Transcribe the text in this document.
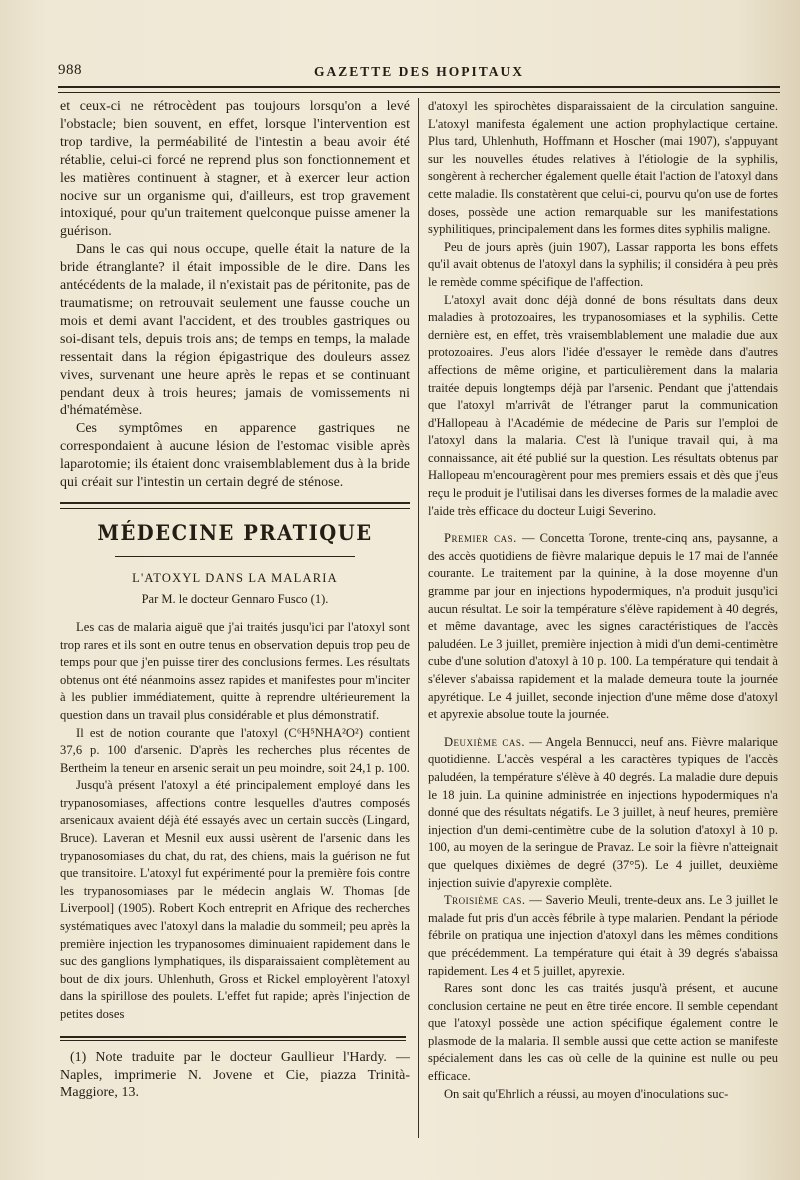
988	GAZETTE DES HOPITAUX

et ceux-ci ne rétrocèdent pas toujours lorsqu'on a levé l'obstacle; bien souvent, en effet, lorsque l'intervention est trop tardive, la perméabilité de l'intestin a beau avoir été rétablie, celui-ci forcé ne reprend plus son fonctionnement et les matières continuent à stagner, et à exercer leur action nocive sur un organisme qui, d'ailleurs, est trop gravement intoxiqué, pour qu'un traitement quelconque puisse amener la guérison.

Dans le cas qui nous occupe, quelle était la nature de la bride étranglante? il était impossible de le dire. Dans les antécédents de la malade, il n'existait pas de péritonite, pas de traumatisme; on retrouvait seulement une fausse couche un mois et demi avant l'accident, et des troubles gastriques ou soi-disant tels, depuis trois ans; de temps en temps, la malade ressentait dans la région épigastrique des douleurs assez vives, survenant une heure après le repas et se continuant pendant deux à trois heures; jamais de vomissements ni d'hématémèse.

Ces symptômes en apparence gastriques ne correspondaient à aucune lésion de l'estomac visible après laparotomie; ils étaient donc vraisemblablement dus à la bride qui créait sur l'intestin un certain degré de sténose.

MÉDECINE PRATIQUE
L'ATOXYL DANS LA MALARIA
Par M. le docteur Gennaro Fusco (1).

Les cas de malaria aiguë que j'ai traités jusqu'ici par l'atoxyl sont trop rares et ils sont en outre tenus en observation depuis trop peu de temps pour que j'en puisse tirer des conclusions fermes. Les résultats obtenus ont été néanmoins assez rapides et manifestes pour m'inciter à les publier immédiatement, quitte à reprendre ultérieurement la question dans un travail plus considérable et plus démonstratif.

Il est de notion courante que l'atoxyl (C⁶H⁵NHA²O²) contient 37,6 p. 100 d'arsenic. D'après les recherches plus récentes de Bertheim la teneur en arsenic serait un peu moindre, soit 24,1 p. 100.

Jusqu'à présent l'atoxyl a été principalement employé dans les trypanosomiases, affections contre lesquelles d'autres composés arsenicaux avaient déjà été essayés avec un certain succès (Lingard, Bruce). Laveran et Mesnil eux aussi usèrent de l'arsenic dans les trypanosomiases du chat, du rat, des chiens, mais la guérison ne fut que transitoire. L'atoxyl fut expérimenté pour la première fois contre les trypanosomiases par le médecin anglais W. Thomas [de Liverpool] (1905). Robert Koch entreprit en Afrique des recherches systématiques avec l'atoxyl dans la maladie du sommeil; peu après la première injection les trypanosomes diminuaient rapidement dans le suc des ganglions lymphatiques, ils disparaissaient complètement au bout de dix jours. Uhlenhuth, Gross et Rickel employèrent l'atoxyl dans la spirillose des poulets. L'effet fut rapide; après l'injection de petites doses

(1) Note traduite par le docteur Gaullieur l'Hardy. — Naples, imprimerie N. Jovene et Cie, piazza Trinità-Maggiore, 13.

d'atoxyl les spirochètes disparaissaient de la circulation sanguine. L'atoxyl manifesta également une action prophylactique certaine. Plus tard, Uhlenhuth, Hoffmann et Hoscher (mai 1907), s'appuyant sur les nouvelles études relatives à l'étiologie de la syphilis, songèrent à rechercher également quelle était l'action de l'atoxyl dans cette maladie. Ils constatèrent que celui-ci, pourvu qu'on use de fortes doses, possède une action remarquable sur les manifestations syphilitiques, principalement dans les formes dites syphilis maligne.

Peu de jours après (juin 1907), Lassar rapporta les bons effets qu'il avait obtenus de l'atoxyl dans la syphilis; il considéra à peu près le remède comme spécifique de l'affection.

L'atoxyl avait donc déjà donné de bons résultats dans deux maladies à protozoaires, les trypanosomiases et la syphilis. Cette dernière est, en effet, très vraisemblablement une maladie due aux protozoaires. J'eus alors l'idée d'essayer le remède dans d'autres affections de même origine, et particulièrement dans la malaria traitée depuis longtemps déjà par l'arsenic. Pendant que j'attendais que l'atoxyl m'arrivât de l'étranger parut la communication d'Hallopeau à l'Académie de médecine de Paris sur l'emploi de l'atoxyl dans la malaria. C'est là l'unique travail qui, à ma connaissance, ait été publié sur la question. Les résultats obtenus par Hallopeau m'encouragèrent pour mes premiers essais et dès que j'eus reçu le produit je l'utilisai dans les diverses formes de la maladie avec l'aide très efficace du docteur Luigi Severino.

Premier cas. — Concetta Torone, trente-cinq ans, paysanne, a des accès quotidiens de fièvre malarique depuis le 17 mai de l'année courante. Le traitement par la quinine, à la dose moyenne d'un gramme par jour en injections hypodermiques, n'a produit jusqu'ici aucun résultat. Le soir la température s'élève rapidement à 40 degrés, et même davantage, avec les signes caractéristiques de l'accès paludéen. Le 3 juillet, première injection à midi d'un demi-centimètre cube d'une solution d'atoxyl à 10 p. 100. La température qui tendait à s'élever s'abaissa rapidement et la malade demeura toute la journée apyrétique. Le 4 juillet, seconde injection d'une même dose d'atoxyl et apyrexie absolue toute la journée.

Deuxième cas. — Angela Bennucci, neuf ans. Fièvre malarique quotidienne. L'accès vespéral a les caractères typiques de l'accès paludéen, la température s'élève à 40 degrés. La maladie dure depuis le 18 juin. La quinine administrée en injections hypodermiques n'a donné que des résultats négatifs. Le 3 juillet, à neuf heures, première injection d'un demi-centimètre cube de la solution d'atoxyl à 10 p. 100, au moyen de la seringue de Pravaz. Le soir la fièvre n'atteignait que quelques dixièmes de degré (37°5). Le 4 juillet, deuxième injection suivie d'apyrexie complète.

Troisième cas. — Saverio Meuli, trente-deux ans. Le 3 juillet le malade fut pris d'un accès fébrile à type malarien. Pendant la période fébrile on pratiqua une injection d'atoxyl dans les mêmes conditions que précédemment. La température qui était à 39 degrés s'abaissa rapidement. Les 4 et 5 juillet, apyrexie.

Rares sont donc les cas traités jusqu'à présent, et aucune conclusion certaine ne peut en être tirée encore. Il semble cependant que l'atoxyl possède une action spécifique également contre le plasmode de la malaria. Il semble aussi que cette action se manifeste spécialement dans les cas où celle de la quinine est nulle ou peu efficace.

On sait qu'Ehrlich a réussi, au moyen d'inoculations suc-
